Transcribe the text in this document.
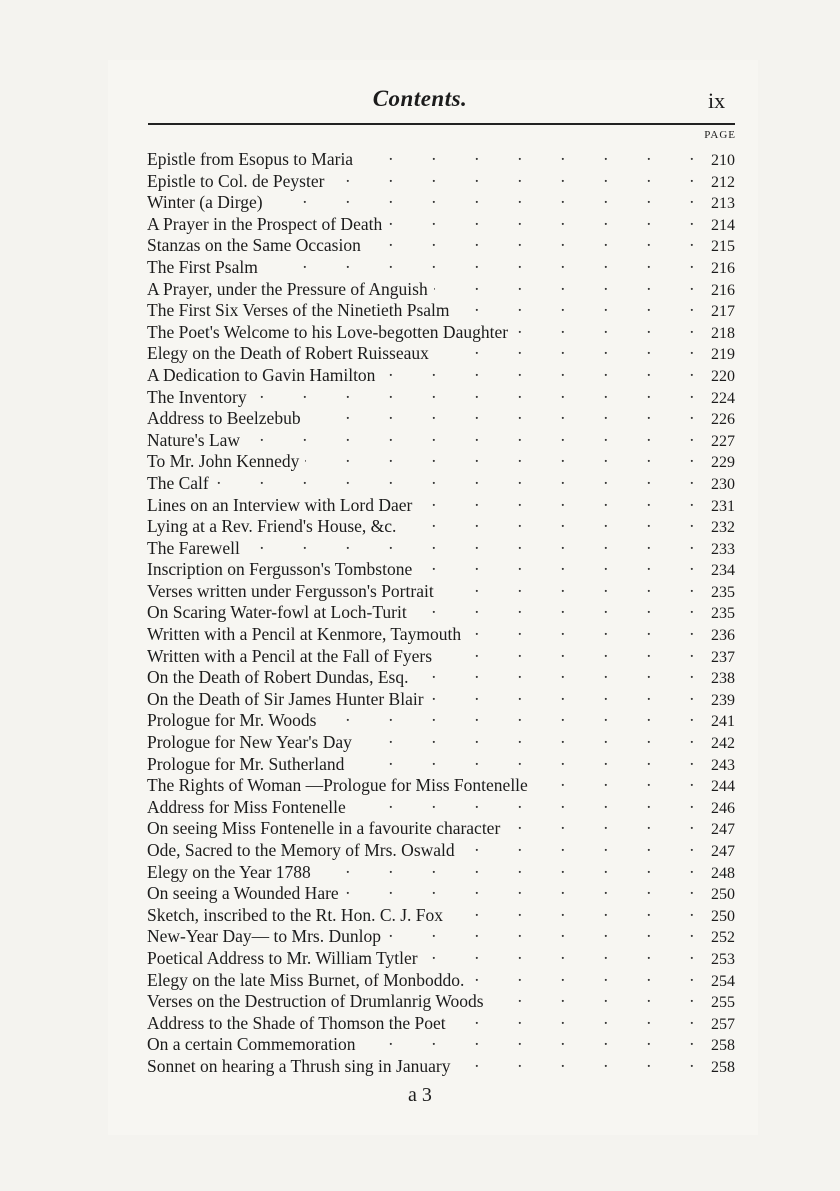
Contents.	ix
PAGE
Epistle from Esopus to Maria .	210
Epistle to Col. de Peyster .	212
Winter (a Dirge) .	213
A Prayer in the Prospect of Death .	214
Stanzas on the Same Occasion .	215
The First Psalm .	216
A Prayer, under the Pressure of Anguish .	216
The First Six Verses of the Ninetieth Psalm .	217
The Poet's Welcome to his Love-begotten Daughter .	218
Elegy on the Death of Robert Ruisseaux .	219
A Dedication to Gavin Hamilton .	220
The Inventory .	224
Address to Beelzebub .	226
Nature's Law .	227
To Mr. John Kennedy .	229
The Calf .	230
Lines on an Interview with Lord Daer .	231
Lying at a Rev. Friend's House, &c. .	232
The Farewell .	233
Inscription on Fergusson's Tombstone .	234
Verses written under Fergusson's Portrait .	235
On Scaring Water-fowl at Loch-Turit .	235
Written with a Pencil at Kenmore, Taymouth .	236
Written with a Pencil at the Fall of Fyers .	237
On the Death of Robert Dundas, Esq. .	238
On the Death of Sir James Hunter Blair .	239
Prologue for Mr. Woods .	241
Prologue for New Year's Day .	242
Prologue for Mr. Sutherland .	243
The Rights of Woman —Prologue for Miss Fontenelle .	244
Address for Miss Fontenelle .	246
On seeing Miss Fontenelle in a favourite character .	247
Ode, Sacred to the Memory of Mrs. Oswald .	247
Elegy on the Year 1788 .	248
On seeing a Wounded Hare .	250
Sketch, inscribed to the Rt. Hon. C. J. Fox .	250
New-Year Day— to Mrs. Dunlop .	252
Poetical Address to Mr. William Tytler .	253
Elegy on the late Miss Burnet, of Monboddo. .	254
Verses on the Destruction of Drumlanrig Woods .	255
Address to the Shade of Thomson the Poet .	257
On a certain Commemoration .	258
Sonnet on hearing a Thrush sing in January .	258
a 3
